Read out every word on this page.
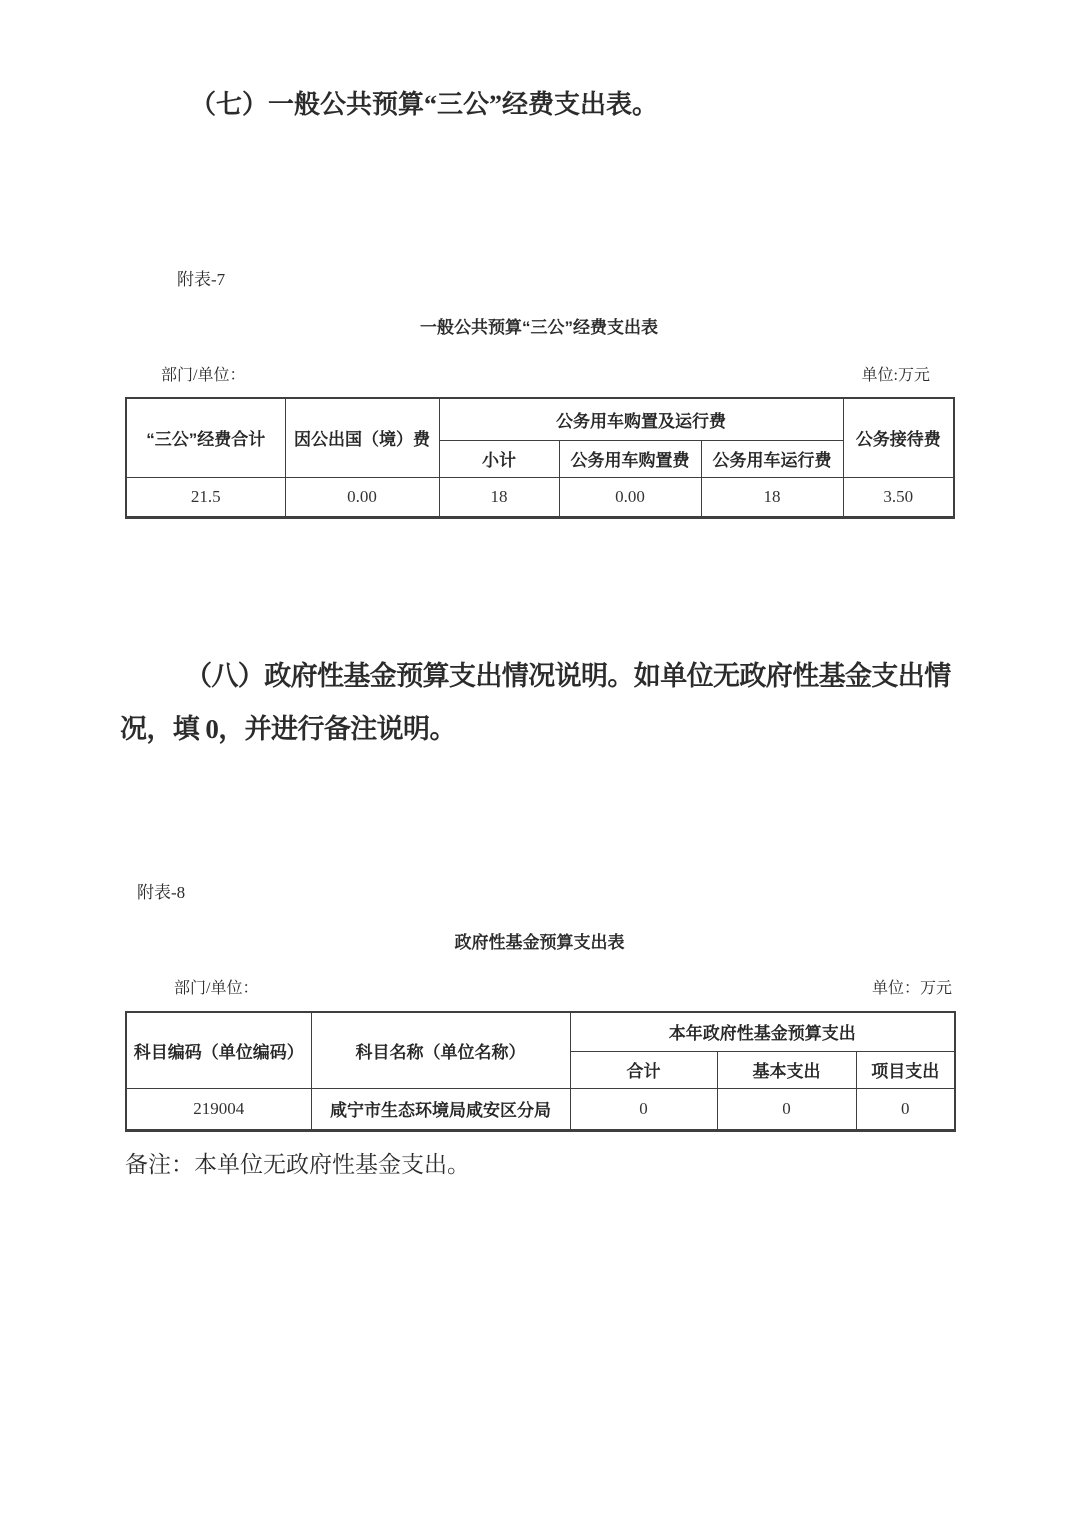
（七）一般公共预算“三公”经费支出表。
附表-7
一般公共预算“三公”经费支出表
部门/单位：	单位:万元
“三公”经费合计	因公出国（境）费	公务用车购置及运行费			公务接待费
		小计	公务用车购置费	公务用车运行费	
21.5	0.00	18	0.00	18	3.50
（八）政府性基金预算支出情况说明。如单位无政府性基金支出情
况，填 0，并进行备注说明。
附表-8
政府性基金预算支出表
部门/单位：	单位：万元
科目编码（单位编码）	科目名称（单位名称）	本年政府性基金预算支出		
		合计	基本支出	项目支出
219004	咸宁市生态环境局咸安区分局	0	0	0
备注：本单位无政府性基金支出。
